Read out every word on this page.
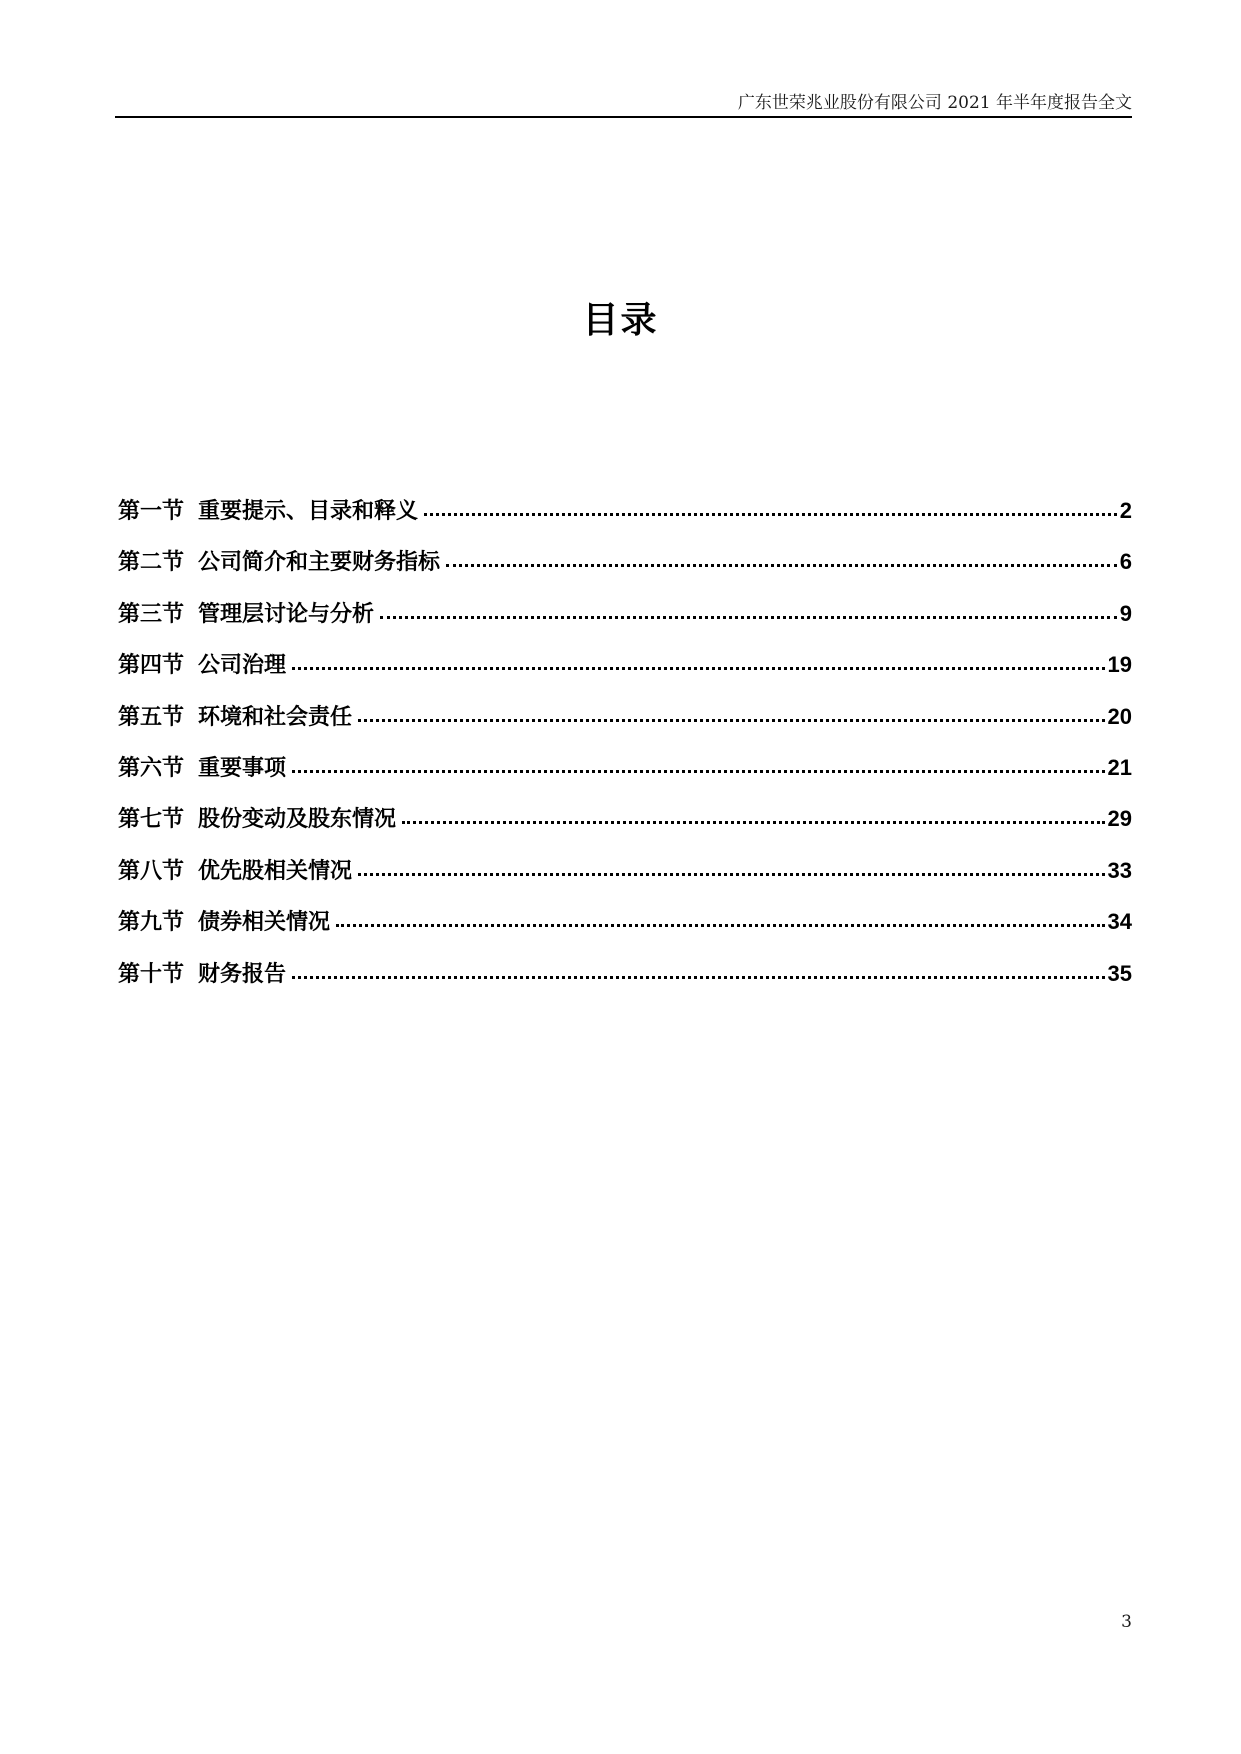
广东世荣兆业股份有限公司 2021 年半年度报告全文
目录
第一节 重要提示、目录和释义	2
第二节 公司简介和主要财务指标	6
第三节 管理层讨论与分析	9
第四节 公司治理	19
第五节 环境和社会责任	20
第六节 重要事项	21
第七节 股份变动及股东情况	29
第八节 优先股相关情况	33
第九节 债券相关情况	34
第十节 财务报告	35
3
